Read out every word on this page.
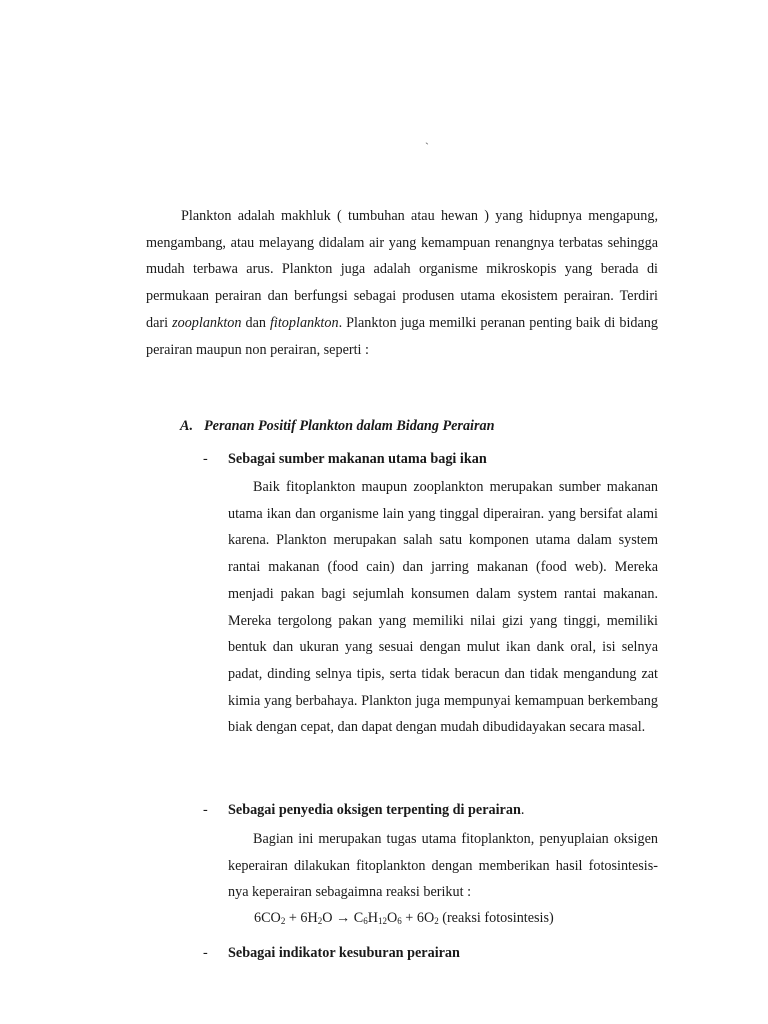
`

Plankton adalah makhluk ( tumbuhan atau hewan ) yang hidupnya mengapung, mengambang, atau melayang didalam air yang kemampuan renangnya terbatas sehingga mudah terbawa arus. Plankton juga adalah organisme mikroskopis yang berada di permukaan perairan dan berfungsi sebagai produsen utama ekosistem perairan. Terdiri dari zooplankton dan fitoplankton. Plankton juga memilki peranan penting baik di bidang perairan maupun non perairan, seperti :

A. Peranan Positif Plankton dalam Bidang Perairan
- Sebagai sumber makanan utama bagi ikan

Baik fitoplankton maupun zooplankton merupakan sumber makanan utama ikan dan organisme lain yang tinggal diperairan. yang bersifat alami karena. Plankton merupakan salah satu komponen utama dalam system rantai makanan (food cain) dan jarring makanan (food web). Mereka menjadi pakan bagi sejumlah konsumen dalam system rantai makanan. Mereka tergolong pakan yang memiliki nilai gizi yang tinggi, memiliki bentuk dan ukuran yang sesuai dengan mulut ikan dank oral, isi selnya padat, dinding selnya tipis, serta tidak beracun dan tidak mengandung zat kimia yang berbahaya. Plankton juga mempunyai kemampuan berkembang biak dengan cepat, dan dapat dengan mudah dibudidayakan secara masal.

- Sebagai penyedia oksigen terpenting di perairan.

Bagian ini merupakan tugas utama fitoplankton, penyuplaian oksigen keperairan dilakukan fitoplankton dengan memberikan hasil fotosintesis-nya keperairan sebagaimna reaksi berikut :

$6CO_2 + 6H_2O \to C_6H_{12}O_6 + 6O_2$ (reaksi fotosintesis)
- Sebagai indikator kesuburan perairan
